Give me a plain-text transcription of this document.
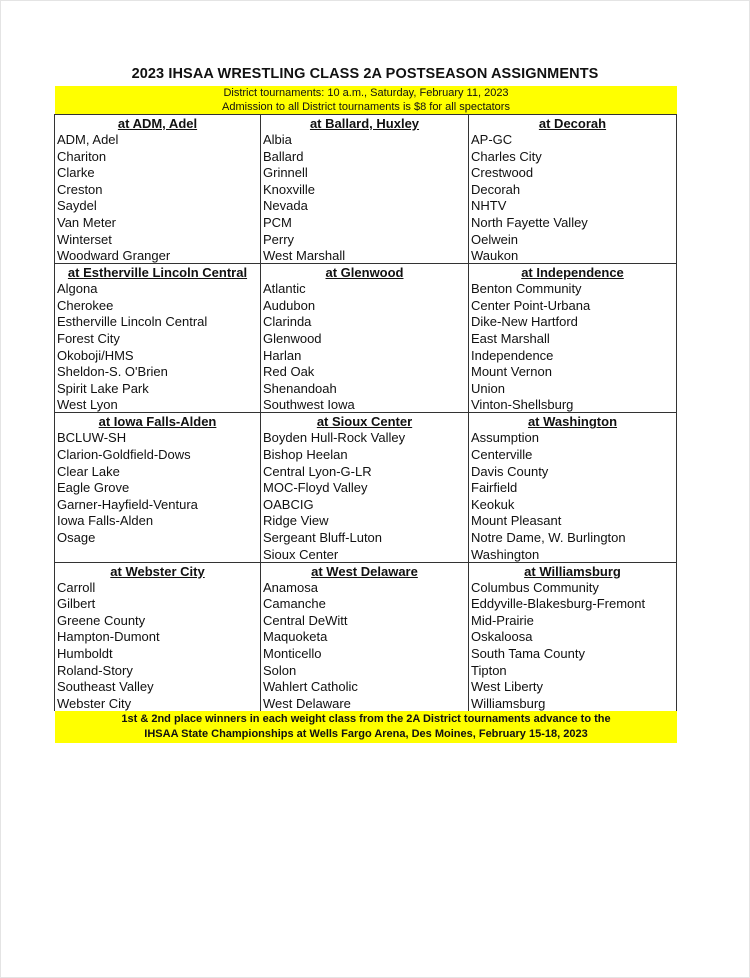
2023 IHSAA WRESTLING CLASS 2A POSTSEASON ASSIGNMENTS
District tournaments: 10 a.m., Saturday, February 11, 2023
Admission to all District tournaments is $8 for all spectators
at ADM, Adel
ADM, Adel
Chariton
Clarke
Creston
Saydel
Van Meter
Winterset
Woodward Granger
at Ballard, Huxley
Albia
Ballard
Grinnell
Knoxville
Nevada
PCM
Perry
West Marshall
at Decorah
AP-GC
Charles City
Crestwood
Decorah
NHTV
North Fayette Valley
Oelwein
Waukon
at Estherville Lincoln Central
Algona
Cherokee
Estherville Lincoln Central
Forest City
Okoboji/HMS
Sheldon-S. O'Brien
Spirit Lake Park
West Lyon
at Glenwood
Atlantic
Audubon
Clarinda
Glenwood
Harlan
Red Oak
Shenandoah
Southwest Iowa
at Independence
Benton Community
Center Point-Urbana
Dike-New Hartford
East Marshall
Independence
Mount Vernon
Union
Vinton-Shellsburg
at Iowa Falls-Alden
BCLUW-SH
Clarion-Goldfield-Dows
Clear Lake
Eagle Grove
Garner-Hayfield-Ventura
Iowa Falls-Alden
Osage
at Sioux Center
Boyden Hull-Rock Valley
Bishop Heelan
Central Lyon-G-LR
MOC-Floyd Valley
OABCIG
Ridge View
Sergeant Bluff-Luton
Sioux Center
at Washington
Assumption
Centerville
Davis County
Fairfield
Keokuk
Mount Pleasant
Notre Dame, W. Burlington
Washington
at Webster City
Carroll
Gilbert
Greene County
Hampton-Dumont
Humboldt
Roland-Story
Southeast Valley
Webster City
at West Delaware
Anamosa
Camanche
Central DeWitt
Maquoketa
Monticello
Solon
Wahlert Catholic
West Delaware
at Williamsburg
Columbus Community
Eddyville-Blakesburg-Fremont
Mid-Prairie
Oskaloosa
South Tama County
Tipton
West Liberty
Williamsburg
1st & 2nd place winners in each weight class from the 2A District tournaments advance to the
IHSAA State Championships at Wells Fargo Arena, Des Moines, February 15-18, 2023
